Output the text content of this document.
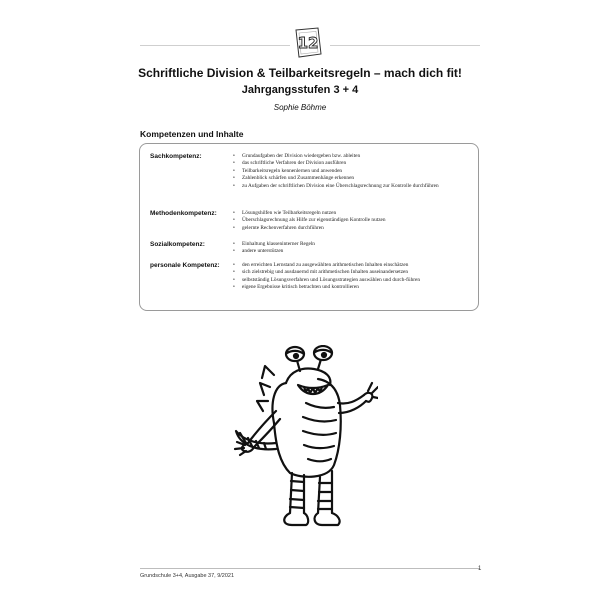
12
Schriftliche Division & Teilbarkeitsregeln – mach dich fit!
Jahrgangsstufen 3 + 4
Sophie Böhme
Kompetenzen und Inhalte
Sachkompetenz:	• Grundaufgaben der Division wiedergeben bzw. ableiten
• das schriftliche Verfahren der Division ausführen
• Teilbarkeitsregeln kennenlernen und anwenden
• Zahlenblick schärfen und Zusammenhänge erkennen
• zu Aufgaben der schriftlichen Division eine Überschlagsrechnung zur Kontrolle durchführen
Methodenkompetenz:	• Lösungshilfen wie Teilbarkeitsregeln nutzen
• Überschlagsrechnung als Hilfe zur eigenständigen Kontrolle nutzen
• gelernte Rechenverfahren durchführen
Sozialkompetenz:	• Einhaltung klasseninterner Regeln
• andere unterstützen
personale Kompetenz:	• den erreichten Lernstand zu ausgewählten arithmetischen Inhalten einschätzen
• sich zielstrebig und ausdauernd mit arithmetischen Inhalten auseinandersetzen
• selbstständig Lösungsverfahren und Lösungsstrategien auswählen und durch-führen
• eigene Ergebnisse kritisch betrachten und kontrollieren
Grundschule 3+4, Ausgabe 37, 9/2021
1
